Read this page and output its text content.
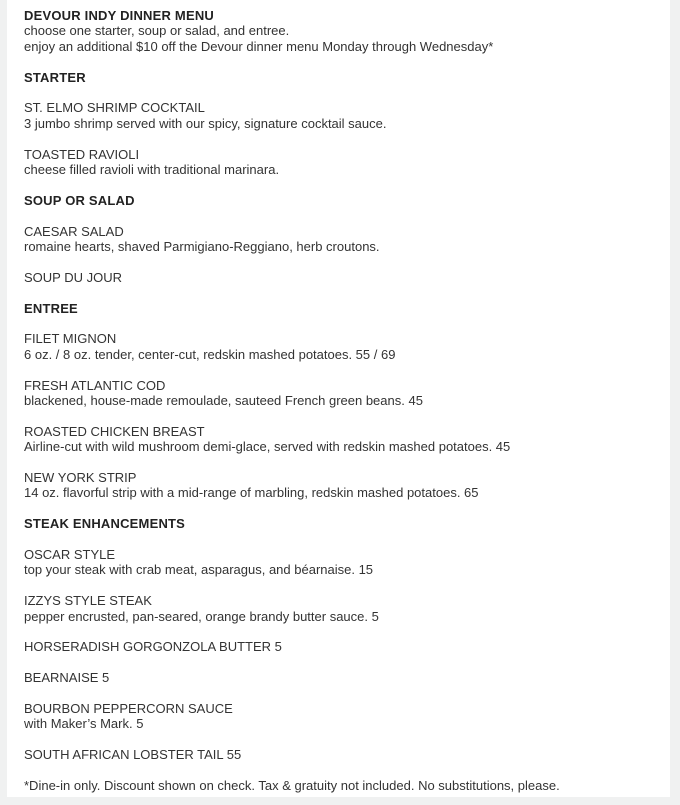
DEVOUR INDY DINNER MENU
choose one starter, soup or salad, and entree.
enjoy an additional $10 off the Devour dinner menu Monday through Wednesday*
STARTER
ST. ELMO SHRIMP COCKTAIL
3 jumbo shrimp served with our spicy, signature cocktail sauce.
TOASTED RAVIOLI
cheese filled ravioli with traditional marinara.
SOUP OR SALAD
CAESAR SALAD
romaine hearts, shaved Parmigiano-Reggiano, herb croutons.
SOUP DU JOUR
ENTREE
FILET MIGNON
6 oz. / 8 oz. tender, center-cut, redskin mashed potatoes. 55 / 69
FRESH ATLANTIC COD
blackened, house-made remoulade, sauteed French green beans. 45
ROASTED CHICKEN BREAST
Airline-cut with wild mushroom demi-glace, served with redskin mashed potatoes. 45
NEW YORK STRIP
14 oz. flavorful strip with a mid-range of marbling, redskin mashed potatoes. 65
STEAK ENHANCEMENTS
OSCAR STYLE
top your steak with crab meat, asparagus, and béarnaise. 15
IZZYS STYLE STEAK
pepper encrusted, pan-seared, orange brandy butter sauce. 5
HORSERADISH GORGONZOLA BUTTER 5
BEARNAISE 5
BOURBON PEPPERCORN SAUCE
with Maker’s Mark. 5
SOUTH AFRICAN LOBSTER TAIL 55
*Dine-in only. Discount shown on check. Tax & gratuity not included. No substitutions, please.
